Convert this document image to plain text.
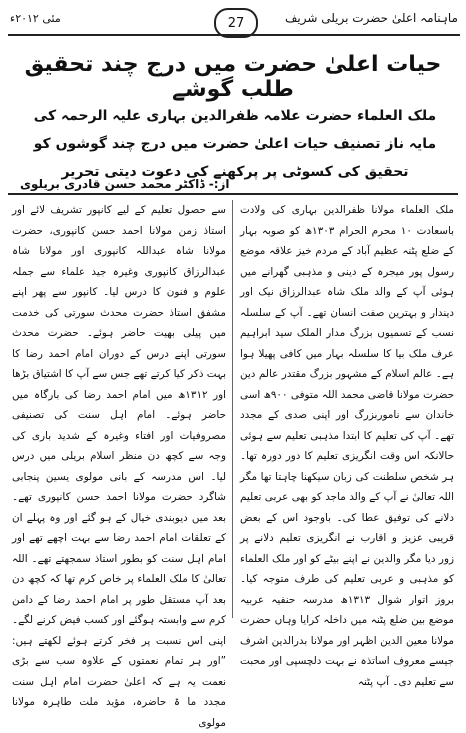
مئی ۲۰۱۲ء	27	ماہنامہ اعلیٰ حضرت بریلی شریف
حیات اعلیٰ حضرت میں درج چند تحقیق طلب گوشے
ملک العلماء حضرت علامہ ظفرالدین بہاری علیہ الرحمہ کی مایہ ناز تصنیف حیات اعلیٰ حضرت میں درج چند گوشوں کو تحقیق کی کسوٹی پر پرکھنے کی دعوت دیتی تحریر
از:- ڈاکٹر محمد حسن قادری بریلوی

ملک العلماء مولانا ظفرالدین بہاری کی ولادت باسعادت ۱۰ محرم الحرام ۱۳۰۳ھ کو صوبہ بہار کے ضلع پٹنہ عظیم آباد کے مردم خیز علاقہ موضع رسول پور میجرہ کے دینی و مذہبی گھرانے میں ہوئی آپ کے والد ملک شاہ عبدالرزاق نیک اور دیندار و بہترین صفت انسان تھے۔ آپ کے سلسلہ نسب کے تسمیوں بزرگ مدار الملک سید ابراہیم عرف ملک بیا کا سلسلہ بہار میں کافی پھیلا ہوا ہے۔ عالم اسلام کے مشہور بزرگ مقتدر عالم دین حضرت مولانا قاضی محمد اللہ متوفی ۹۰۰ھ اسی خاندان سے ناموربزرگ اور اپنی صدی کے مجدد تھے۔ آپ کی تعلیم کا ابتدا مذہبی تعلیم سے ہوئی حالانکہ اس وقت انگریزی تعلیم کا دور دورہ تھا۔ ہر شخص سلطنت کی زبان سیکھنا چاہتا تھا مگر اللہ تعالیٰ نے آپ کے والد ماجد کو بھی عربی تعلیم دلانے کی توفیق عطا کی۔ باوجود اس کے بعض قریبی عزیز و اقارب نے انگریزی تعلیم دلانے پر زور دیا مگر والدین نے اپنے بیٹے کو اور ملک العلماء کو مذہبی و عربی تعلیم کی طرف متوجہ کیا۔ بروز اتوار شوال ۱۳۱۳ھ مدرسہ حنفیہ عربیہ موضع بین ضلع پٹنہ میں داخلہ کرایا وہاں حضرت مولانا معین الدین اظہر اور مولانا بدرالدین اشرف جیسے معروف اساتذہ نے بہت دلچسپی اور محبت سے تعلیم دی۔ آپ پٹنہ

سے حصول تعلیم کے لیے کانپور تشریف لائے اور استاذ زمن مولانا احمد حسن کانپوری، حضرت مولانا شاہ عبداللہ کانپوری اور مولانا شاہ عبدالرزاق کانپوری وغیرہ جید علماء سے جملہ علوم و فنون کا درس لیا۔ کانپور سے پھر اپنے مشفق استاذ حضرت محدث سورتی کی خدمت میں پیلی بھیت حاضر ہوئے۔ حضرت محدث سورتی اپنے درس کے دوران امام احمد رضا کا بہت ذکر کیا کرتے تھے جس سے آپ کا اشتیاق بڑھا اور ۱۳۱۲ھ میں امام احمد رضا کی بارگاہ میں حاضر ہوئے۔ امام اہل سنت کی تصنیفی مصروفیات اور افتاء وغیرہ کے شدید باری کی وجہ سے کچھ دن منظر اسلام بریلی میں درس لیا۔ اس مدرسہ کے بانی مولوی یسین پنجابی شاگرد حضرت مولانا احمد حسن کانپوری تھے۔ بعد میں دیوبندی خیال کے ہو گئے اور وہ پہلے ان کے تعلقات امام احمد رضا سے بہت اچھے تھے اور امام اہل سنت کو بطور استاذ سمجھتے تھے۔ اللہ تعالیٰ کا ملک العلماء پر خاص کرم تھا کہ کچھ دن بعد آپ مستقل طور پر امام احمد رضا کے دامن کرم سے وابستہ ہوگئے اور کسب فیض کرنے لگے۔ اپنی اس نسبت پر فخر کرتے ہوئے لکھتے ہیں: ”اور ہر تمام نعمتوں کے علاوہ سب سے بڑی نعمت یہ ہے کہ اعلیٰ حضرت امام اہل سنت مجدد ما ۃ حاضرہ، مؤید ملت طاہرہ مولانا مولوی
